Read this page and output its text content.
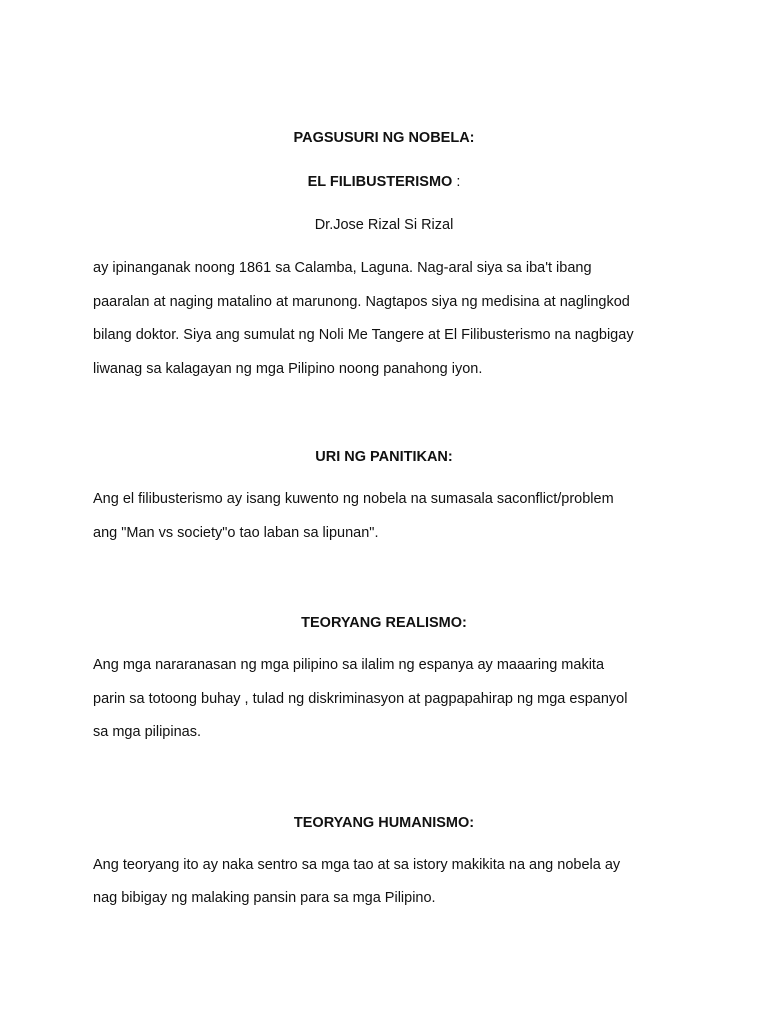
PAGSUSURI NG NOBELA:

EL FILIBUSTERISMO :

Dr.Jose Rizal Si Rizal

ay ipinanganak noong 1861 sa Calamba, Laguna. Nag-aral siya sa iba't ibang
paaralan at naging matalino at marunong. Nagtapos siya ng medisina at naglingkod
bilang doktor. Siya ang sumulat ng Noli Me Tangere at El Filibusterismo na nagbigay
liwanag sa kalagayan ng mga Pilipino noong panahong iyon.

URI NG PANITIKAN:

Ang el filibusterismo ay isang kuwento ng nobela na sumasala saconflict/problem
ang "Man vs society"o tao laban sa lipunan".

TEORYANG REALISMO:

Ang mga nararanasan ng mga pilipino sa ilalim ng espanya ay maaaring makita
parin sa totoong buhay , tulad ng diskriminasyon at pagpapahirap ng mga espanyol
sa mga pilipinas.

TEORYANG HUMANISMO:

Ang teoryang ito ay naka sentro sa mga tao at sa istory makikita na ang nobela ay
nag bibigay ng malaking pansin para sa mga Pilipino.
